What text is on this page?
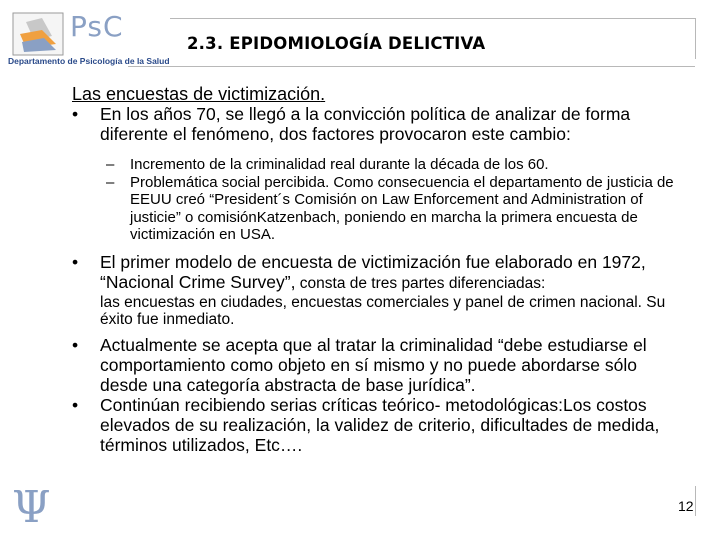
PsC
Departamento de Psicología de la Salud
2.3. EPIDOMIOLOGÍA DELICTIVA
Las encuestas de victimización.
• En los años 70, se llegó a la convicción política de analizar de forma diferente el fenómeno, dos factores provocaron este cambio:
– Incremento de la criminalidad real durante la década de los 60.
– Problemática social percibida. Como consecuencia el departamento de justicia de EEUU creó “President´s Comisión on Law Enforcement and Administration of justicie” o comisiónKatzenbach, poniendo en marcha la primera encuesta de victimización en USA.
• El primer modelo de encuesta de victimización fue elaborado en 1972, “Nacional Crime Survey”, consta de tres partes diferenciadas:
las encuestas en ciudades, encuestas comerciales y panel de crimen nacional. Su éxito fue inmediato.
• Actualmente se acepta que al tratar la criminalidad “debe estudiarse el comportamiento como objeto en sí mismo y no puede abordarse sólo desde una categoría abstracta de base jurídica”.
• Continúan recibiendo serias críticas teórico- metodológicas:Los costos elevados de su realización, la validez de criterio, dificultades de medida, términos utilizados, Etc….
Ψ	12
